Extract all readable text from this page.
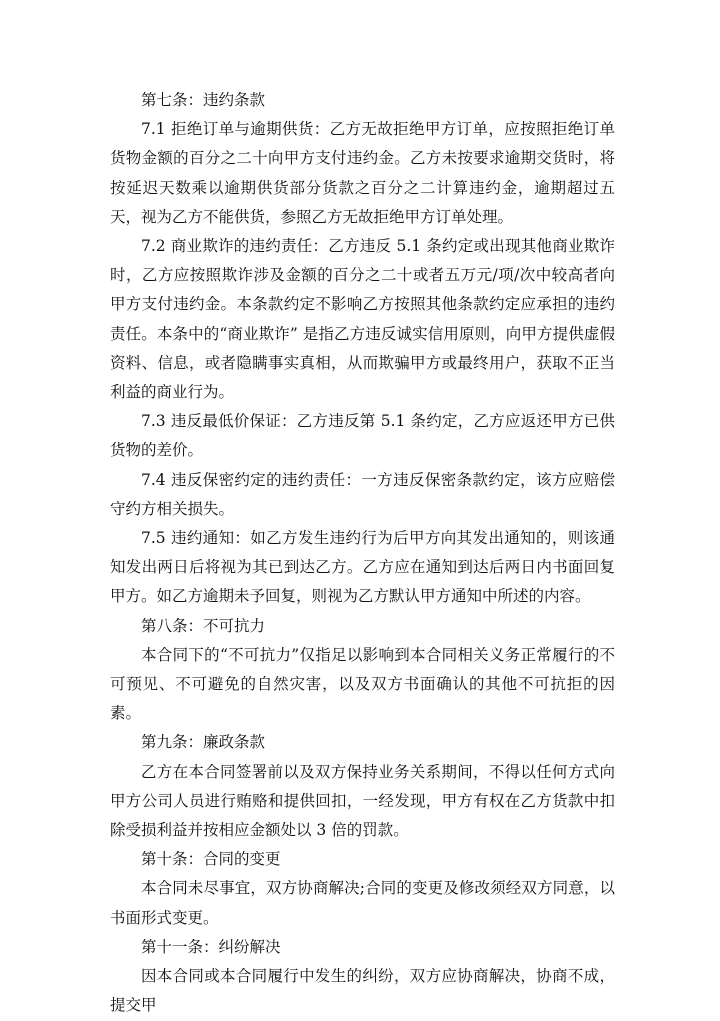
第七条：违约条款

7.1 拒绝订单与逾期供货：乙方无故拒绝甲方订单，应按照拒绝订单货物金额的百分之二十向甲方支付违约金。乙方未按要求逾期交货时，将按延迟天数乘以逾期供货部分货款之百分之二计算违约金，逾期超过五天，视为乙方不能供货，参照乙方无故拒绝甲方订单处理。

7.2 商业欺诈的违约责任：乙方违反 5.1 条约定或出现其他商业欺诈时，乙方应按照欺诈涉及金额的百分之二十或者五万元/项/次中较高者向甲方支付违约金。本条款约定不影响乙方按照其他条款约定应承担的违约责任。本条中的“商业欺诈” 是指乙方违反诚实信用原则，向甲方提供虚假资料、信息，或者隐瞒事实真相，从而欺骗甲方或最终用户，获取不正当利益的商业行为。

7.3 违反最低价保证：乙方违反第 5.1 条约定，乙方应返还甲方已供货物的差价。

7.4 违反保密约定的违约责任：一方违反保密条款约定，该方应赔偿守约方相关损失。

7.5 违约通知：如乙方发生违约行为后甲方向其发出通知的，则该通知发出两日后将视为其已到达乙方。乙方应在通知到达后两日内书面回复甲方。如乙方逾期未予回复，则视为乙方默认甲方通知中所述的内容。

第八条：不可抗力

本合同下的“不可抗力”仅指足以影响到本合同相关义务正常履行的不可预见、不可避免的自然灾害，以及双方书面确认的其他不可抗拒的因素。

第九条：廉政条款

乙方在本合同签署前以及双方保持业务关系期间，不得以任何方式向甲方公司人员进行贿赂和提供回扣，一经发现，甲方有权在乙方货款中扣除受损利益并按相应金额处以 3 倍的罚款。

第十条：合同的变更

本合同未尽事宜，双方协商解决;合同的变更及修改须经双方同意，以书面形式变更。

第十一条：纠纷解决

因本合同或本合同履行中发生的纠纷，双方应协商解决，协商不成，提交甲
